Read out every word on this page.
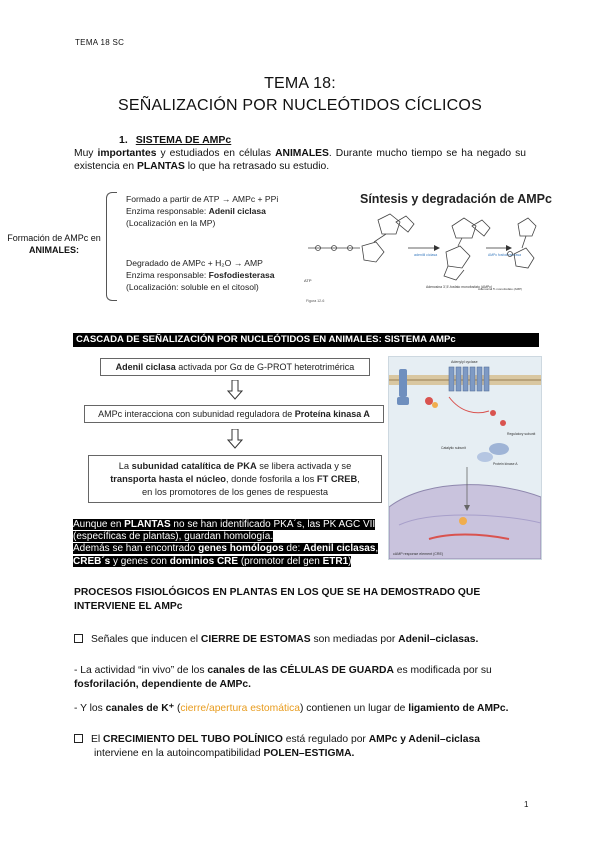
TEMA 18 SC
TEMA 18:
SEÑALIZACIÓN POR NUCLEÓTIDOS CÍCLICOS
1. SISTEMA DE AMPc
Muy importantes y estudiados en células ANIMALES. Durante mucho tiempo se ha negado su existencia en PLANTAS lo que ha retrasado su estudio.
Formación de AMPc en
ANIMALES:
Formado a partir de ATP → AMPc + PPi
Enzima responsable: Adenil ciclasa
(Localización en la MP)
Degradado de AMPc + H₂O → AMP
Enzima responsable: Fosfodiesterasa
(Localización: soluble en el citosol)
Síntesis y degradación de AMPc
adenilil ciclasa	AMPc fosfodiesterasa
ATP
Adenosina 3',5'-fosfato monofosfato (AMPc)
Adenosina 5'-monofosfato (AMP)
Figura 12-6
CASCADA DE SEÑALIZACIÓN POR NUCLEÓTIDOS EN ANIMALES: SISTEMA AMPc
Adenil ciclasa activada por Gα de G-PROT heterotrimérica
AMPc interacciona con subunidad reguladora de Proteína kinasa A
La subunidad catalítica de PKA se libera activada y se
transporta hasta el núcleo, donde fosforila a los FT CREB,
en los promotores de los genes de respuesta
Adenylyl cyclase
Catalytic subunit
Regulatory subunit
Protein kinase A
cAMP response element (CRE)
Aunque en PLANTAS no se han identificado PKA´s, las PK AGC VII (específicas de plantas), guardan homología.
Además se han encontrado genes homólogos de: Adenil ciclasas,
CREB´s y genes con dominios CRE (promotor del gen ETR1)
PROCESOS FISIOLÓGICOS EN PLANTAS EN LOS QUE SE HA DEMOSTRADO QUE INTERVIENE EL AMPc
Señales que inducen el CIERRE DE ESTOMAS son mediadas por Adenil–ciclasas.
- La actividad “in vivo” de los canales de las CÉLULAS DE GUARDA es modificada por su fosforilación, dependiente de AMPc.
- Y los canales de K⁺ (cierre/apertura estomática) contienen un lugar de ligamiento de AMPc.
El CRECIMIENTO DEL TUBO POLÍNICO está regulado por AMPc y Adenil–ciclasa
interviene en la autoincompatibilidad POLEN–ESTIGMA.
1
